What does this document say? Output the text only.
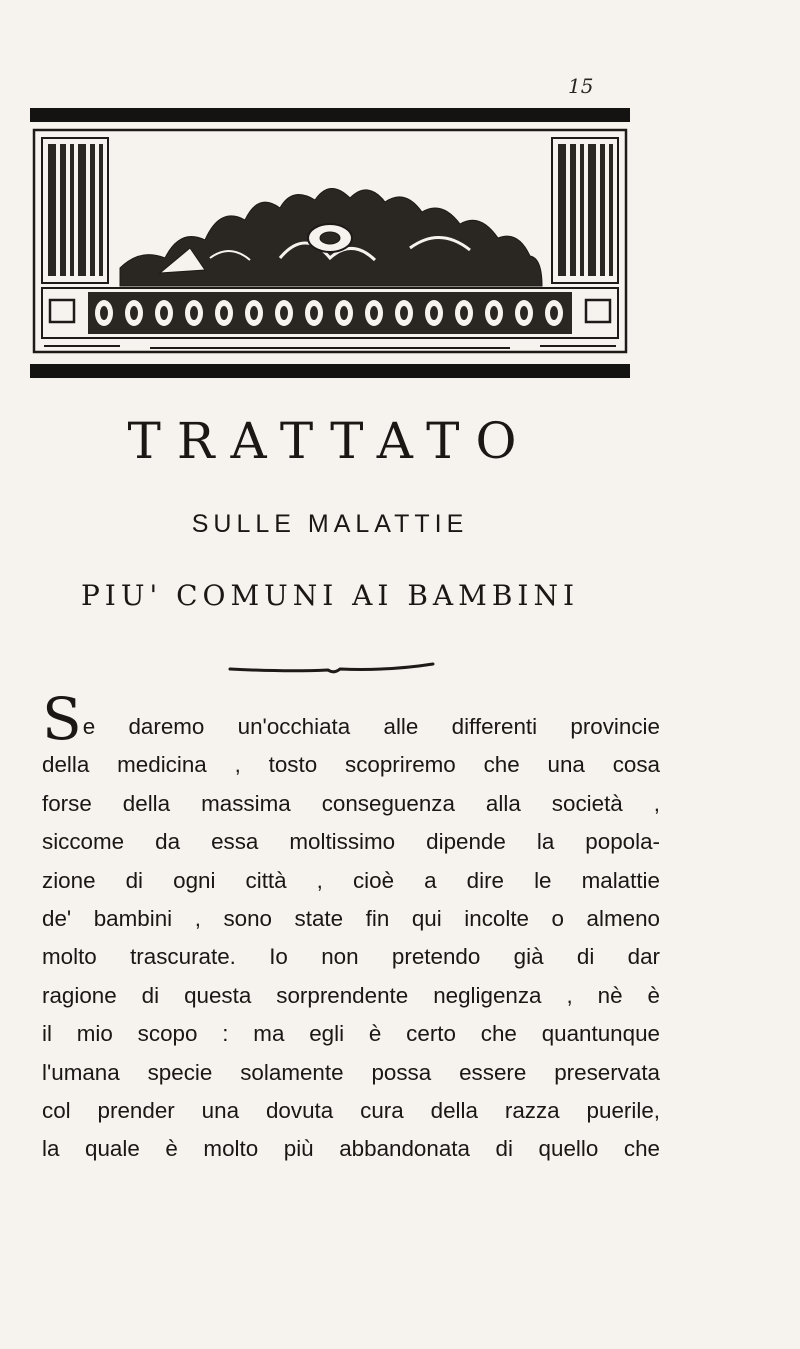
15
TRATTATO
SULLE MALATTIE
PIU' COMUNI AI BAMBINI
Se daremo un'occhiata alle differenti provincie
della medicina , tosto scopriremo che una cosa
forse della massima conseguenza alla società ,
siccome da essa moltissimo dipende la popola-
zione di ogni città , cioè a dire le malattie
de' bambini , sono state fin qui incolte o almeno
molto trascurate. Io non pretendo già di dar
ragione di questa sorprendente negligenza , nè è
il mio scopo : ma egli è certo che quantunque
l'umana specie solamente possa essere preservata
col prender una dovuta cura della razza puerile,
la quale è molto più abbandonata di quello che
